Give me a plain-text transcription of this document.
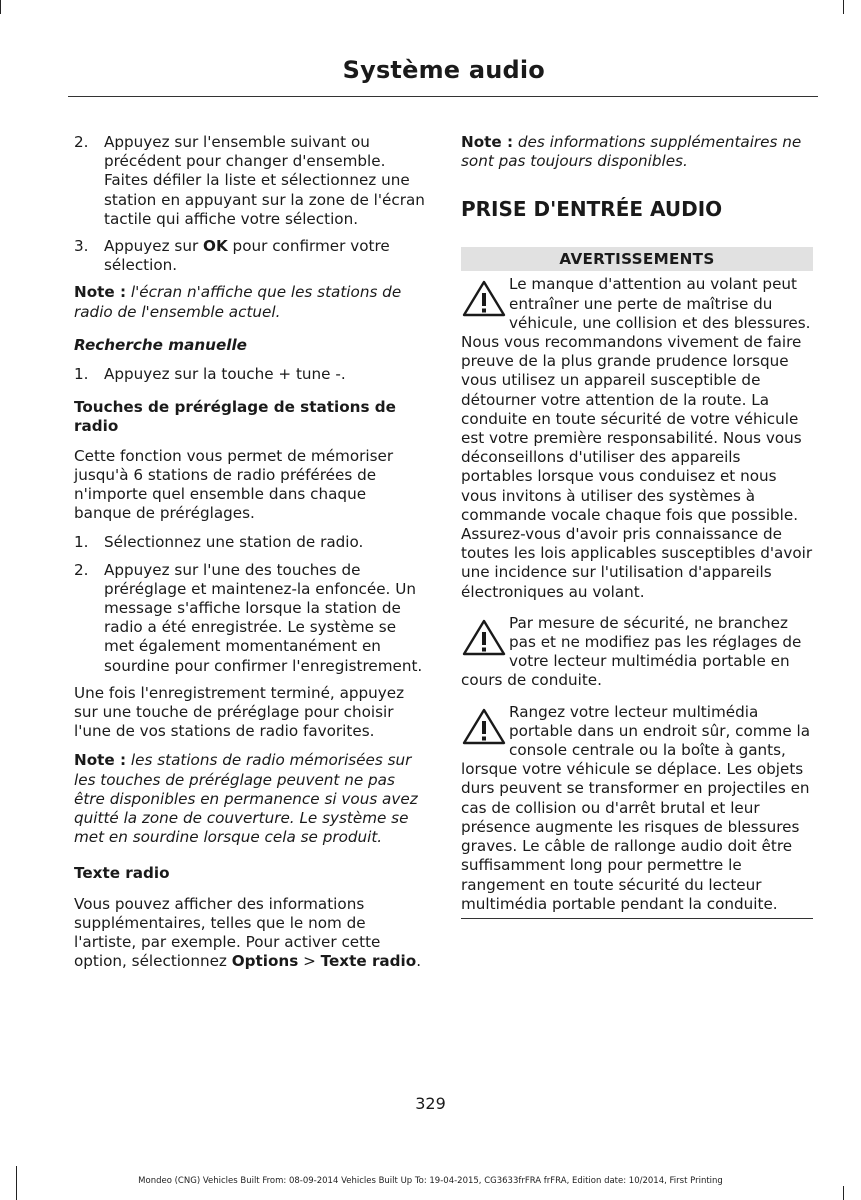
Système audio
2. Appuyez sur l'ensemble suivant ou précédent pour changer d'ensemble. Faites défiler la liste et sélectionnez une station en appuyant sur la zone de l'écran tactile qui affiche votre sélection.
3. Appuyez sur OK pour confirmer votre sélection.

Note : l'écran n'affiche que les stations de radio de l'ensemble actuel.

Recherche manuelle
1. Appuyez sur la touche + tune -.
Touches de préréglage de stations de radio

Cette fonction vous permet de mémoriser jusqu'à 6 stations de radio préférées de n'importe quel ensemble dans chaque banque de préréglages.

1. Sélectionnez une station de radio.
2. Appuyez sur l'une des touches de préréglage et maintenez-la enfoncée. Un message s'affiche lorsque la station de radio a été enregistrée. Le système se met également momentanément en sourdine pour confirmer l'enregistrement.

Une fois l'enregistrement terminé, appuyez sur une touche de préréglage pour choisir l'une de vos stations de radio favorites.

Note : les stations de radio mémorisées sur les touches de préréglage peuvent ne pas être disponibles en permanence si vous avez quitté la zone de couverture. Le système se met en sourdine lorsque cela se produit.

Texte radio

Vous pouvez afficher des informations supplémentaires, telles que le nom de l'artiste, par exemple. Pour activer cette option, sélectionnez Options > Texte radio.

Note : des informations supplémentaires ne sont pas toujours disponibles.

PRISE D'ENTRÉE AUDIO
AVERTISSEMENTS
Le manque d'attention au volant peut entraîner une perte de maîtrise du véhicule, une collision et des blessures. Nous vous recommandons vivement de faire preuve de la plus grande prudence lorsque vous utilisez un appareil susceptible de détourner votre attention de la route. La conduite en toute sécurité de votre véhicule est votre première responsabilité. Nous vous déconseillons d'utiliser des appareils portables lorsque vous conduisez et nous vous invitons à utiliser des systèmes à commande vocale chaque fois que possible. Assurez-vous d'avoir pris connaissance de toutes les lois applicables susceptibles d'avoir une incidence sur l'utilisation d'appareils électroniques au volant.
Par mesure de sécurité, ne branchez pas et ne modifiez pas les réglages de votre lecteur multimédia portable en cours de conduite.
Rangez votre lecteur multimédia portable dans un endroit sûr, comme la console centrale ou la boîte à gants, lorsque votre véhicule se déplace. Les objets durs peuvent se transformer en projectiles en cas de collision ou d'arrêt brutal et leur présence augmente les risques de blessures graves. Le câble de rallonge audio doit être suffisamment long pour permettre le rangement en toute sécurité du lecteur multimédia portable pendant la conduite.
329
Mondeo (CNG) Vehicles Built From: 08-09-2014 Vehicles Built Up To: 19-04-2015, CG3633frFRA frFRA, Edition date: 10/2014, First Printing
